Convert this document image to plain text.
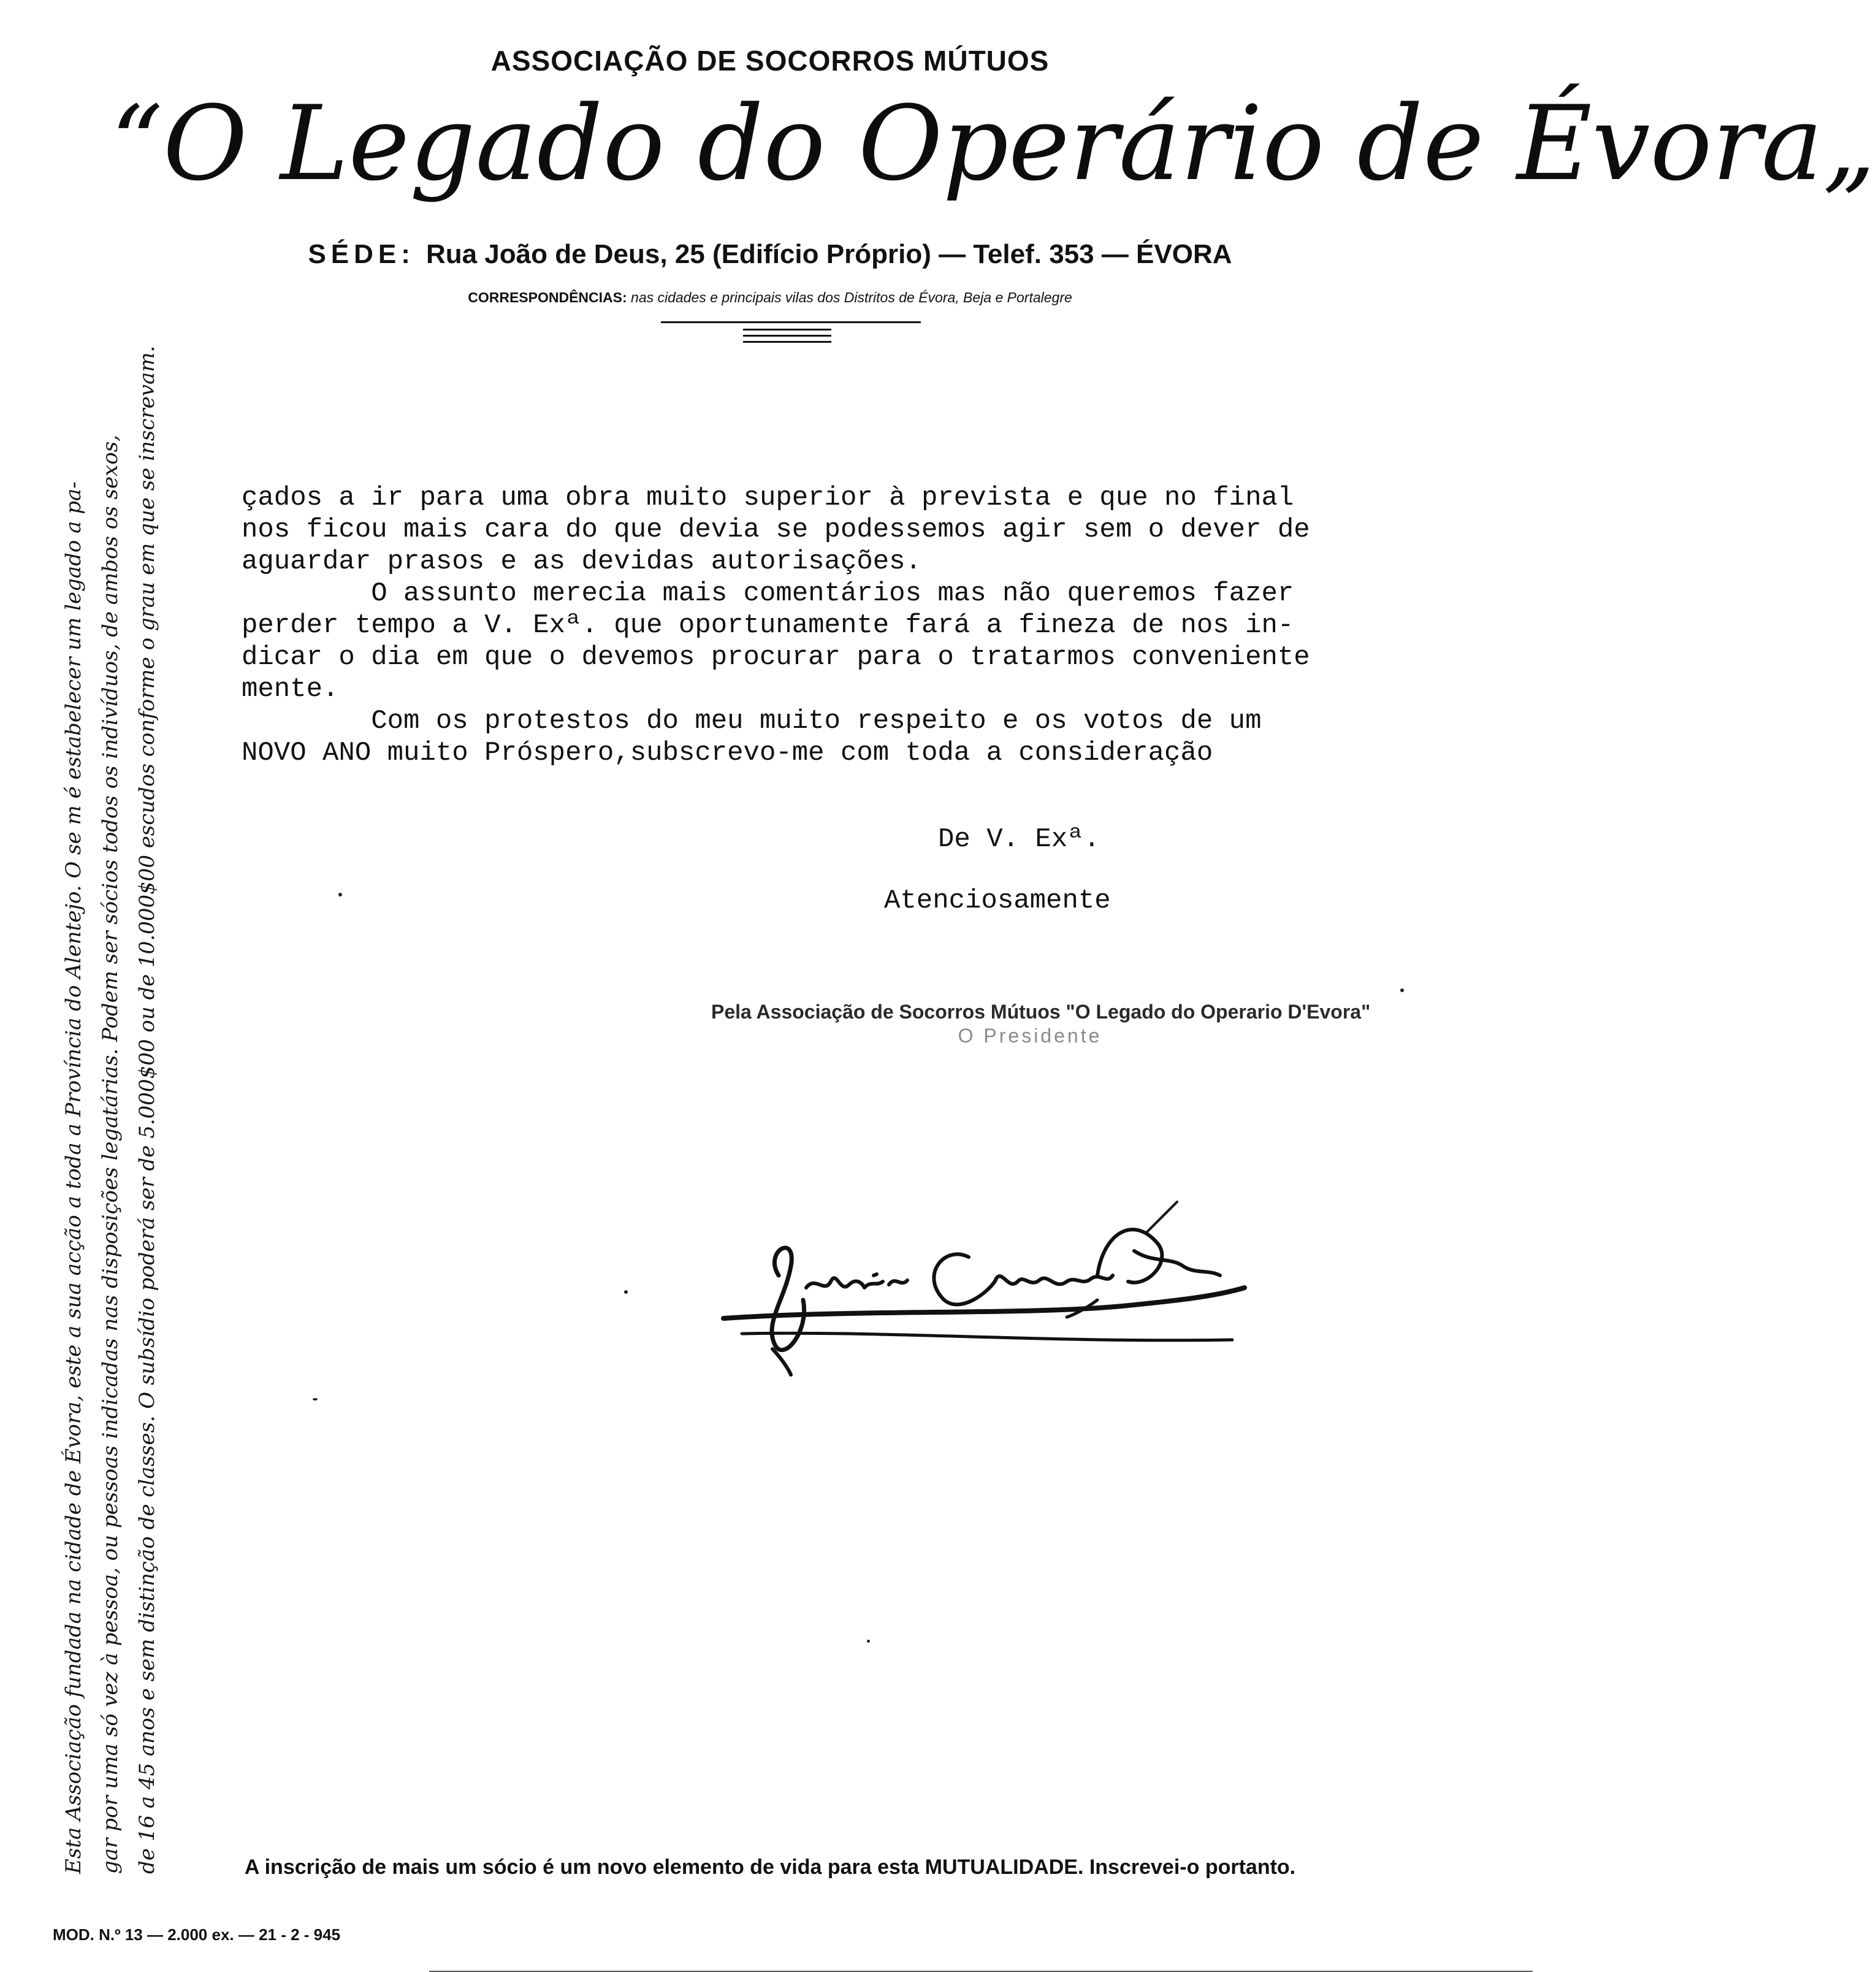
ASSOCIAÇÃO DE SOCORROS MÚTUOS
“O Legado do Operário de Évora„
SÉDE: Rua João de Deus, 25 (Edifício Próprio) — Telef. 353 — ÉVORA
CORRESPONDÊNCIAS: nas cidades e principais vilas dos Distritos de Évora, Beja e Portalegre

Esta Associação fundada na cidade de Évora, este a sua acção a toda a Província do Alentejo. O se m é estabelecer um legado a pa- gar por uma só vez à pessoa, ou pessoas indicadas nas disposições legatárias. Podem ser sócios todos os indivíduos, de ambos os sexos, de 16 a 45 anos e sem distinção de classes. O subsídio poderá ser de 5.000$00 ou de 10.000$00 escudos conforme o grau em que se inscrevam.	çados a ir para uma obra muito superior à prevista e que no final

nos ficou mais cara do que devia se podessemos agir sem o dever de

aguardar prasos e as devidas autorisações.

O assunto merecia mais comentários mas não queremos fazer

perder tempo a V. Exª. que oportunamente fará a fineza de nos in-

dicar o dia em que o devemos procurar para o tratarmos convenientе

mente.

Com os protestos do meu muito respeito e os votos de um

NOVO ANO muito Próspero,subscrevo-me com toda a consideração

De V. Exª.
Atenciosamente
Pela Associação de Socorros Mútuos "O Legado do Operario D'Evora"
O Presidente
A inscrição de mais um sócio é um novo elemento de vida para esta MUTUALIDADE. Inscrevei-o portanto.
MOD. N.º 13 — 2.000 ex. — 21 - 2 - 945
